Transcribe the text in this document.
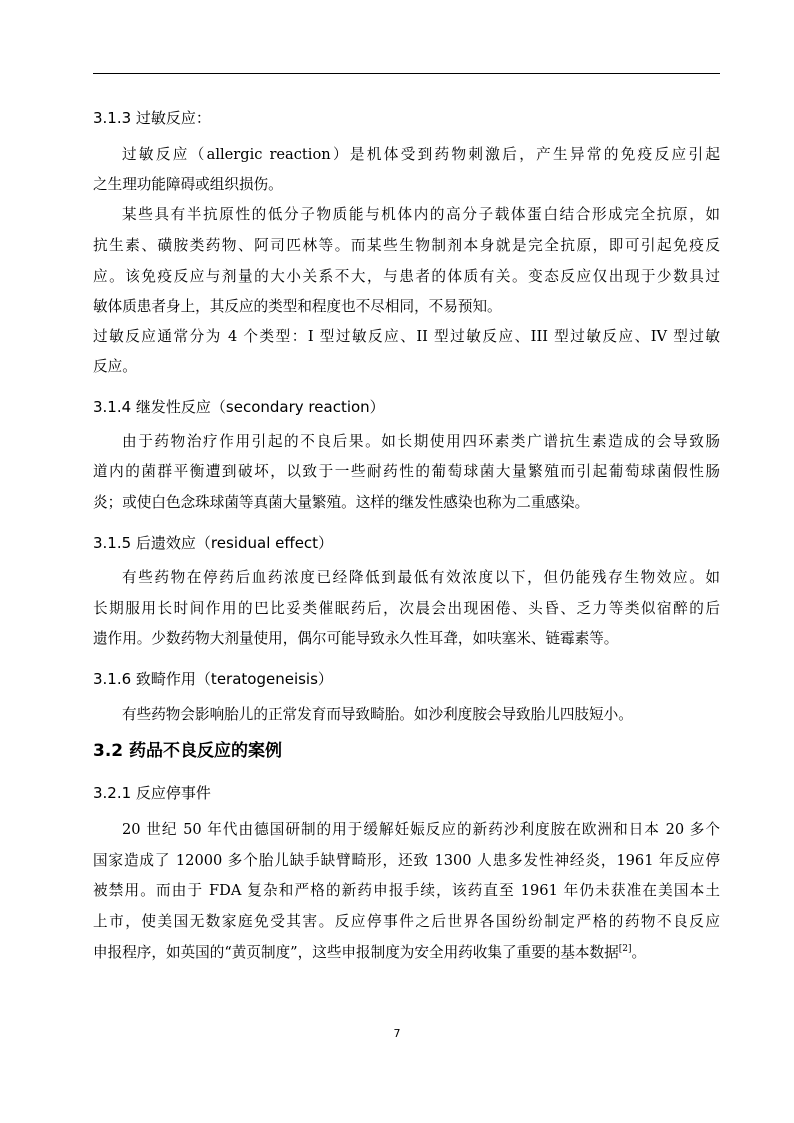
3.1.3 过敏反应：
过敏反应（allergic reaction）是机体受到药物刺激后，产生异常的免疫反应引起
之生理功能障碍或组织损伤。
某些具有半抗原性的低分子物质能与机体内的高分子载体蛋白结合形成完全抗原，如
抗生素、磺胺类药物、阿司匹林等。而某些生物制剂本身就是完全抗原，即可引起免疫反
应。该免疫反应与剂量的大小关系不大，与患者的体质有关。变态反应仅出现于少数具过
敏体质患者身上，其反应的类型和程度也不尽相同，不易预知。
过敏反应通常分为 4 个类型：I 型过敏反应、II 型过敏反应、III 型过敏反应、IV 型过敏
反应。
3.1.4 继发性反应（secondary reaction）
由于药物治疗作用引起的不良后果。如长期使用四环素类广谱抗生素造成的会导致肠
道内的菌群平衡遭到破坏，以致于一些耐药性的葡萄球菌大量繁殖而引起葡萄球菌假性肠
炎；或使白色念珠球菌等真菌大量繁殖。这样的继发性感染也称为二重感染。
3.1.5 后遗效应（residual effect）
有些药物在停药后血药浓度已经降低到最低有效浓度以下，但仍能残存生物效应。如
长期服用长时间作用的巴比妥类催眠药后，次晨会出现困倦、头昏、乏力等类似宿醉的后
遗作用。少数药物大剂量使用，偶尔可能导致永久性耳聋，如呋塞米、链霉素等。
3.1.6 致畸作用（teratogeneisis）
有些药物会影响胎儿的正常发育而导致畸胎。如沙利度胺会导致胎儿四肢短小。
3.2 药品不良反应的案例
3.2.1 反应停事件
20 世纪 50 年代由德国研制的用于缓解妊娠反应的新药沙利度胺在欧洲和日本 20 多个
国家造成了 12000 多个胎儿缺手缺臂畸形，还致 1300 人患多发性神经炎，1961 年反应停
被禁用。而由于 FDA 复杂和严格的新药申报手续，该药直至 1961 年仍未获准在美国本土
上市，使美国无数家庭免受其害。反应停事件之后世界各国纷纷制定严格的药物不良反应
申报程序，如英国的“黄页制度”，这些申报制度为安全用药收集了重要的基本数据[2]。
7
